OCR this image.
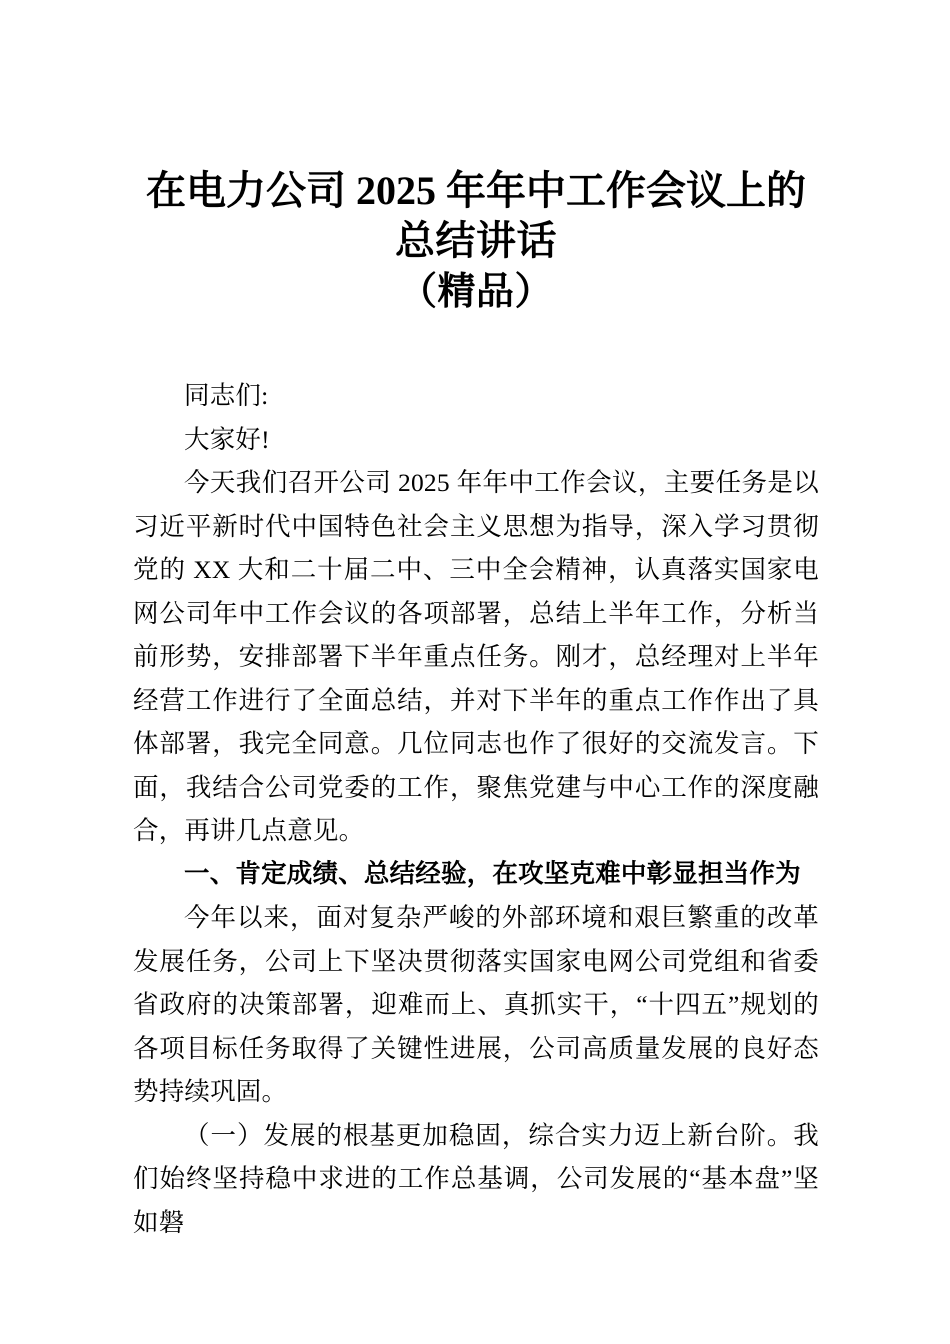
在电力公司 2025 年年中工作会议上的
总结讲话
（精品）

同志们:

大家好!

今天我们召开公司 2025 年年中工作会议，主要任务是以习近平新时代中国特色社会主义思想为指导，深入学习贯彻党的 XX 大和二十届二中、三中全会精神，认真落实国家电网公司年中工作会议的各项部署，总结上半年工作，分析当前形势，安排部署下半年重点任务。刚才，总经理对上半年经营工作进行了全面总结，并对下半年的重点工作作出了具体部署，我完全同意。几位同志也作了很好的交流发言。下面，我结合公司党委的工作，聚焦党建与中心工作的深度融合，再讲几点意见。

一、肯定成绩、总结经验，在攻坚克难中彰显担当作为

今年以来，面对复杂严峻的外部环境和艰巨繁重的改革发展任务，公司上下坚决贯彻落实国家电网公司党组和省委省政府的决策部署，迎难而上、真抓实干，“十四五”规划的各项目标任务取得了关键性进展，公司高质量发展的良好态势持续巩固。

（一）发展的根基更加稳固，综合实力迈上新台阶。我们始终坚持稳中求进的工作总基调，公司发展的“基本盘”坚如磐
